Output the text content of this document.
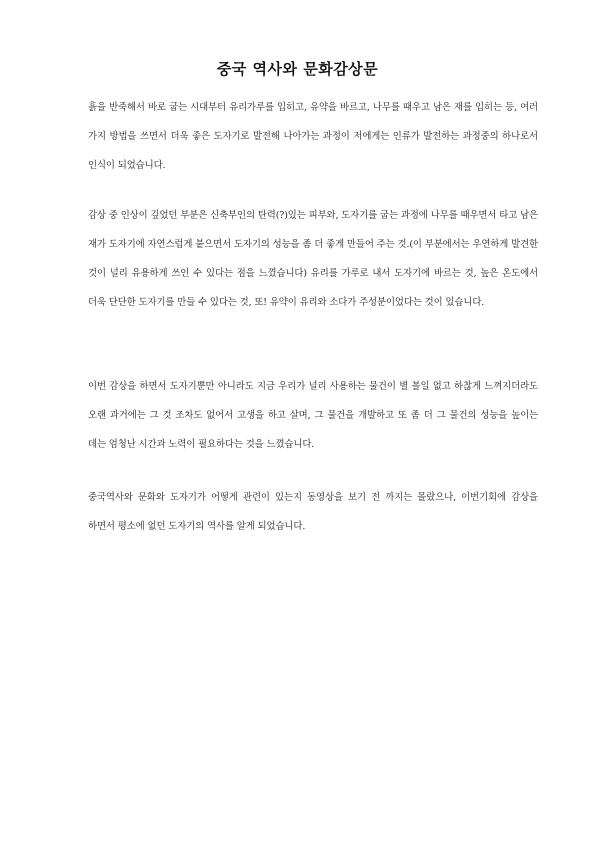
중국 역사와 문화감상문
흙을 반죽해서 바로 굽는 시대부터 유리가루를 입히고, 유약을 바르고, 나무를 때우고 남은 재를 입히는 등, 여러 가지 방법을 쓰면서 더욱 좋은 도자기로 발전해 나아가는 과정이 저에게는 인류가 발전하는 과정중의 하나로서 인식이 되었습니다.
감상 중 인상이 깊었던 부분은 신축부인의 탄력(?)있는 피부와, 도자기를 굽는 과정에 나무를 때우면서 타고 남은 재가 도자기에 자연스럽게 붙으면서 도자기의 성능을 좀 더 좋게 만들어 주는 것.(이 부분에서는 우연하게 발견한 것이 널리 유용하게 쓰인 수 있다는 점을 느꼈습니다) 유리를 가루로 내서 도자기에 바르는 것, 높은 온도에서 더욱 단단한 도자기를 만들 수 있다는 것, 또! 유약이 유리와 소다가 주성분이었다는 것이 있습니다.
이번 감상을 하면서 도자기뿐만 아니라도 지금 우리가 널리 사용하는 물건이 별 볼일 없고 하찮게 느껴지더라도 오랜 과거에는 그 것 조차도 없어서 고생을 하고 살며, 그 물건을 개발하고 또 좀 더 그 물건의 성능을 높이는 데는 엄청난 시간과 노력이 필요하다는 것을 느꼈습니다.
중국역사와 문화와 도자기가 어떻게 관련이 있는지 동영상을 보기 전 까지는 몰랐으나, 이번기회에 감상을 하면서 평소에 없던 도자기의 역사를 알게 되었습니다.
